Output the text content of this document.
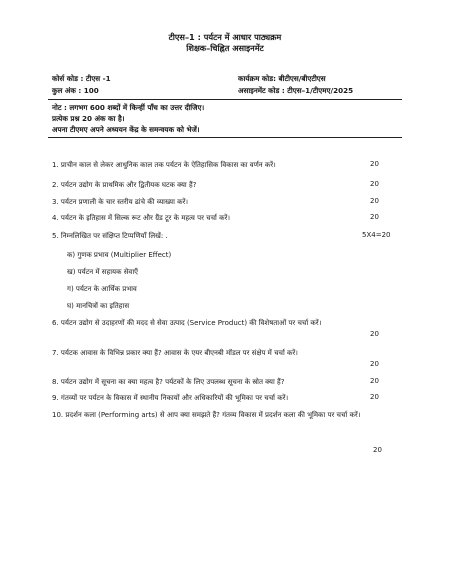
टीएस–1 : पर्यटन में आधार पाठ्यक्रम
शिक्षक–चिह्नित असाइनमेंट
कोर्स कोड : टीएस -1	कार्यक्रम कोड: बीटीएस/बीएटीएस
कुल अंक : 100	असाइनमेंट कोड : टीएस–1/टीएमए/2025
नोट : लगभग 600 शब्दों में किन्हीं पाँच का उत्तर दीजिए।
प्रत्येक प्रश्न 20 अंक का है।
अपना टीएमए अपने अध्ययन केंद्र के समन्वयक को भेजें।
1. प्राचीन काल से लेकर आधुनिक काल तक पर्यटन के ऐतिहासिक विकास का वर्णन करें।	20
2. पर्यटन उद्योग के प्राथमिक और द्वितीयक घटक क्या हैं?	20
3. पर्यटन प्रणाली के चार स्तरीय ढांचे की व्याख्या करें।	20
4. पर्यटन के इतिहास में सिल्क रूट और ग्रैंड टूर के महत्व पर चर्चा करें।	20
5. निम्नलिखित पर संक्षिप्त टिप्पणियाँ लिखें: .	5X4=20
क) गुणक प्रभाव (Multiplier Effect)
ख) पर्यटन में सहायक सेवाएँ
ग) पर्यटन के आर्थिक प्रभाव
घ) मानचित्रों का इतिहास
6. पर्यटन उद्योग से उदाहरणों की मदद से सेवा उत्पाद (Service Product) की विशेषताओं पर चर्चा करें।
20
7. पर्यटक आवास के विभिन्न प्रकार क्या हैं? आवास के एयर बीएनबी मॉडल पर संक्षेप में चर्चा करें।
20
8. पर्यटन उद्योग में सूचना का क्या महत्व है? पर्यटकों के लिए उपलब्ध सूचना के स्रोत क्या हैं?	20
9. गंतव्यों पर पर्यटन के विकास में स्थानीय निकायों और अधिकारियों की भूमिका पर चर्चा करें।	20
10. प्रदर्शन कला (Performing arts) से आप क्या समझते हैं? गंतव्य विकास में प्रदर्शन कला की भूमिका पर चर्चा करें।
20
